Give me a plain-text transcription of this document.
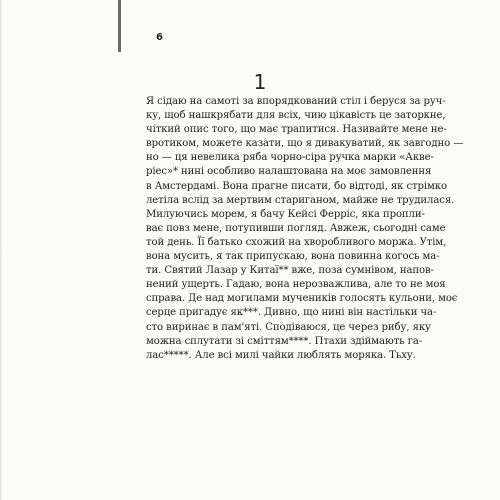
6
1
Я сідаю на самоті за впорядкований стіл і беруся за руч-
ку, щоб нашкрябати для всіх, чию цікавість це заторкне,
чіткий опис того, що має трапитися. Називайте мене не-
вротиком, можете казати, що я дивакуватий, як завгодно —
но — ця невелика ряба чорно-сіра ручка марки «Акве-
ріес»* нині особливо налаштована на моє замовлення
в Амстердамі. Вона прагне писати, бо відтоді, як стрімко
летіла вслід за мертвим стариганом, майже не трудилася.
Милуючись морем, я бачу Кейсі Ферріс, яка пропли-
ває повз мене, потупивши погляд. Авжеж, сьогодні саме
той день. Її батько схожий на хворобливого моржа. Утім,
вона мусить, я так припускаю, вона повинна когось ма-
ти. Святий Лазар у Китаї** вже, поза сумнівом, напов-
нений ущерть. Гадаю, вона нерозважлива, але то не моя
справа. Де над могилами мучеників голосять кульони, моє
серце пригадує як***. Дивно, що нині він настільки ча-
сто виринає в пам'яті. Сподіваюся, це через рибу, яку
можна сплутати зі сміттям****. Птахи здіймають га-
лас*****. Але всі милі чайки люблять моряка. Тьху.
